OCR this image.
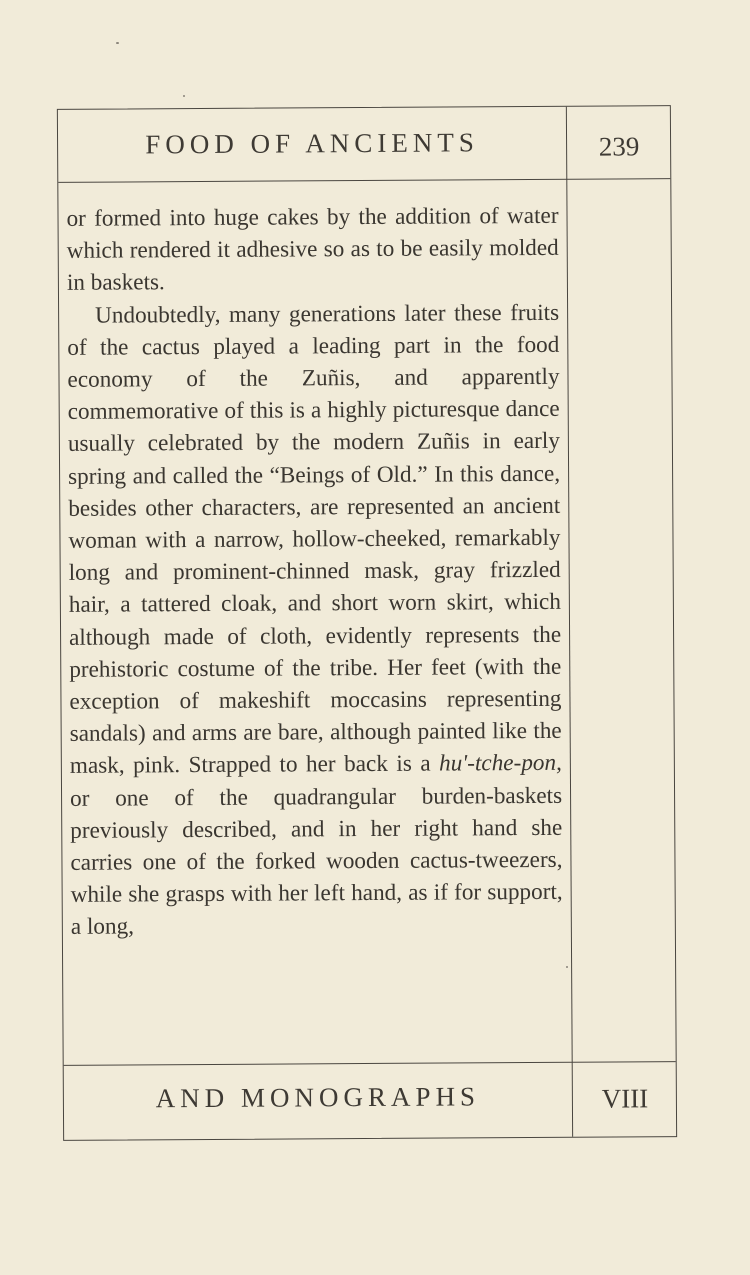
FOOD OF ANCIENTS	239

or formed into huge cakes by the addition of water which rendered it adhesive so as to be easily molded in baskets.

Undoubtedly, many generations later these fruits of the cactus played a leading part in the food economy of the Zuñis, and apparently commemorative of this is a highly picturesque dance usually celebrated by the modern Zuñis in early spring and called the “Beings of Old.” In this dance, besides other characters, are represented an ancient woman with a narrow, hollow-cheeked, remarkably long and prominent-chinned mask, gray frizzled hair, a tattered cloak, and short worn skirt, which although made of cloth, evidently represents the prehistoric costume of the tribe. Her feet (with the exception of makeshift moccasins representing sandals) and arms are bare, although painted like the mask, pink. Strapped to her back is a hu'-tche-pon, or one of the quadrangular burden-baskets previously described, and in her right hand she carries one of the forked wooden cactus-tweezers, while she grasps with her left hand, as if for support, a long,

AND MONOGRAPHS	VIII
